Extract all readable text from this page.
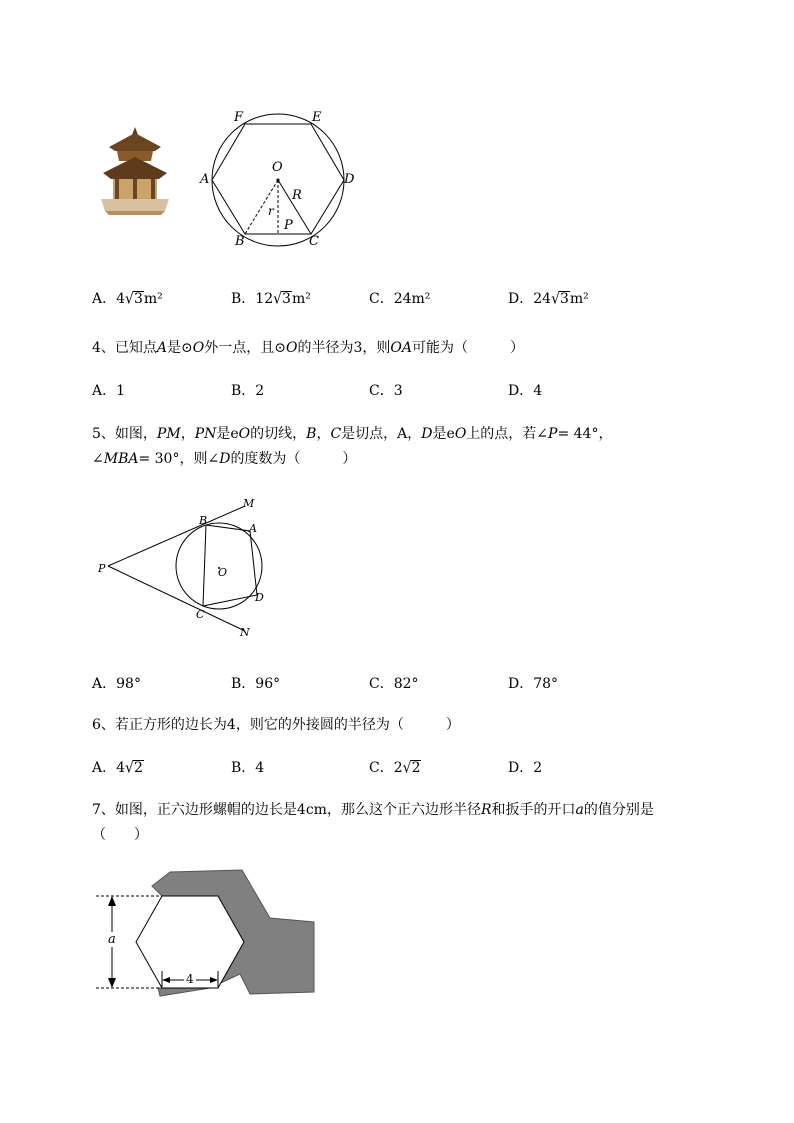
F	E
A	D
O
R
r
P
B	C
A．4√3m²	B．12√3m²	C．24m²	D．24√3m²
4、已知点A是⊙O外一点，且⊙O的半径为3，则OA可能为（　　　）
A．1	B．2	C．3	D．4
5、如图，PM，PN是eO的切线，B，C是切点，A，D是eO上的点，若∠P= 44°，
∠MBA= 30°，则∠D的度数为（　　　）
M
B
A
P	O
D
C
N
A．98°	B．96°	C．82°	D．78°
6、若正方形的边长为4，则它的外接圆的半径为（　　　）
A．4√2	B．4	C．2√2	D．2
7、如图，正六边形螺帽的边长是4cm，那么这个正六边形半径R和扳手的开口a的值分别是
（　　）
a
4
